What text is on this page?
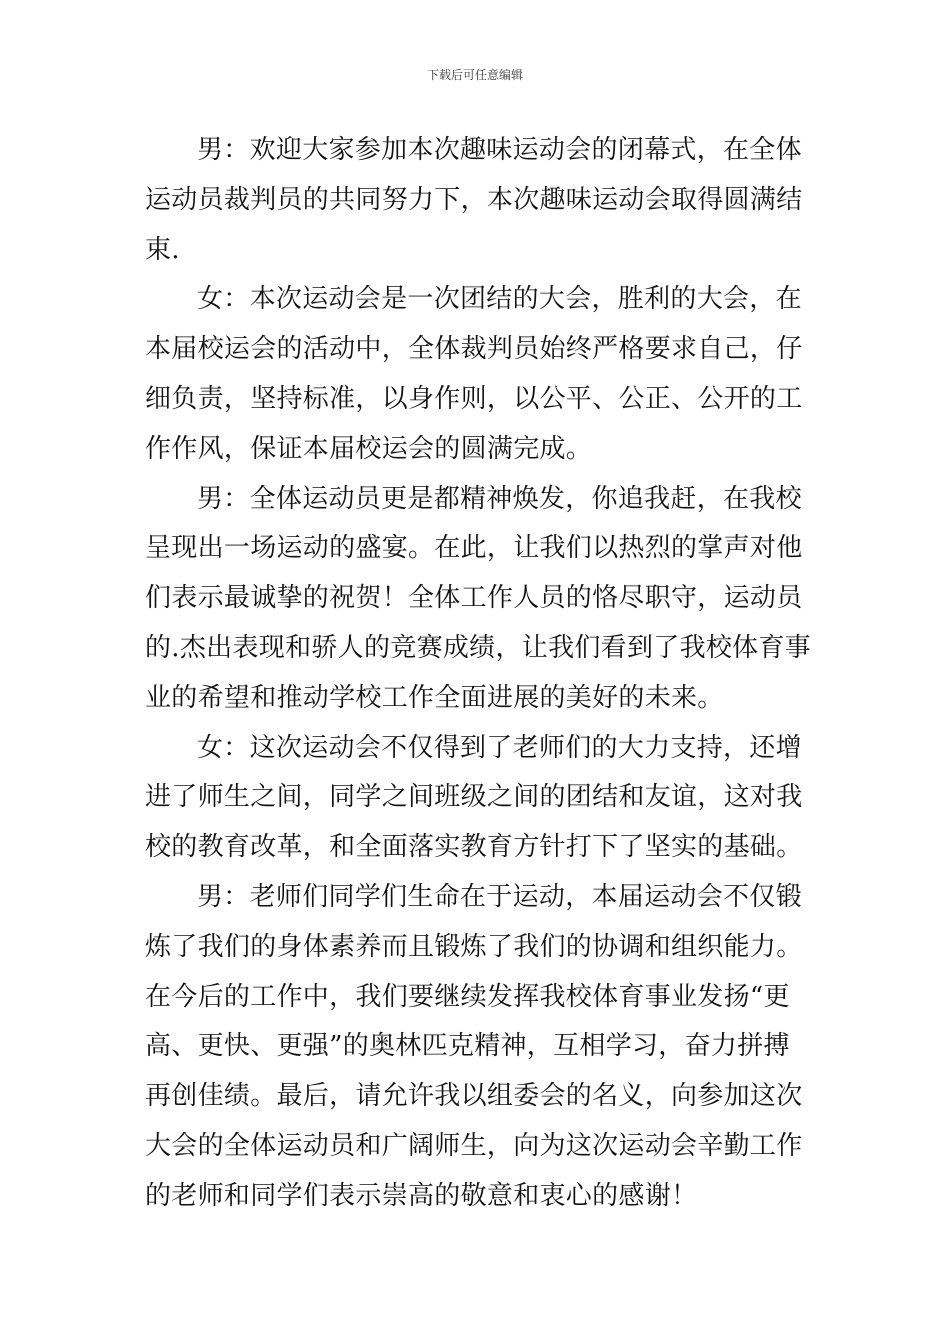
下载后可任意编辑

男：欢迎大家参加本次趣味运动会的闭幕式，在全体
运动员裁判员的共同努力下，本次趣味运动会取得圆满结
束.

女：本次运动会是一次团结的大会，胜利的大会，在
本届校运会的活动中，全体裁判员始终严格要求自己，仔
细负责，坚持标准，以身作则，以公平、公正、公开的工
作作风，保证本届校运会的圆满完成。

男：全体运动员更是都精神焕发，你追我赶，在我校
呈现出一场运动的盛宴。在此，让我们以热烈的掌声对他
们表示最诚挚的祝贺！全体工作人员的恪尽职守，运动员
的.杰出表现和骄人的竞赛成绩，让我们看到了我校体育事
业的希望和推动学校工作全面进展的美好的未来。

女：这次运动会不仅得到了老师们的大力支持，还增
进了师生之间，同学之间班级之间的团结和友谊，这对我
校的教育改革，和全面落实教育方针打下了坚实的基础。

男：老师们同学们生命在于运动，本届运动会不仅锻
炼了我们的身体素养而且锻炼了我们的协调和组织能力。
在今后的工作中，我们要继续发挥我校体育事业发扬“更
高、更快、更强”的奥林匹克精神，互相学习，奋力拼搏
再创佳绩。最后，请允许我以组委会的名义，向参加这次
大会的全体运动员和广阔师生，向为这次运动会辛勤工作
的老师和同学们表示崇高的敬意和衷心的感谢！
